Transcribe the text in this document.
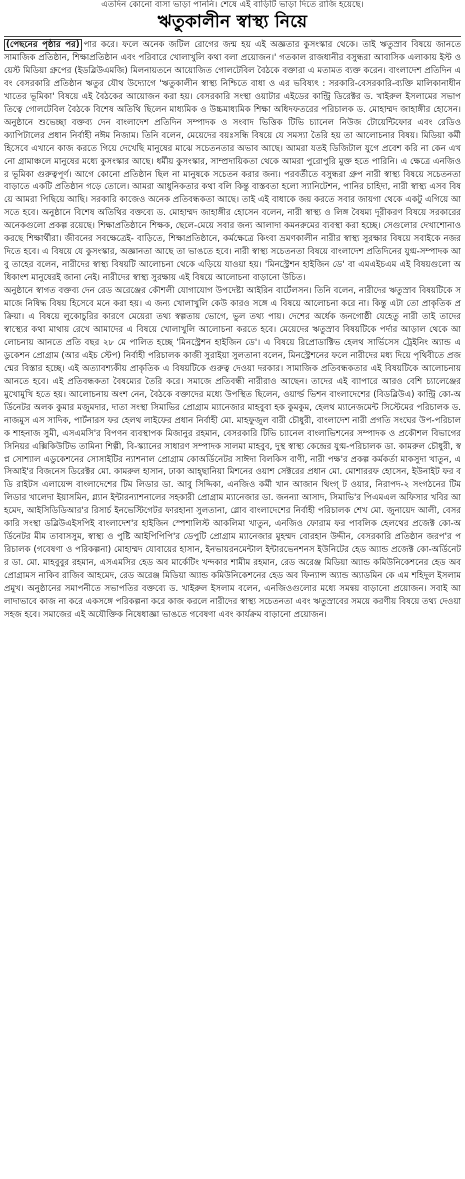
এতদিন কোনো বাসা ভাড়া পাননি। শেষে এই বাড়িটি ভাড়া দিতে রাজি হয়েছে।
ঋতুকালীন স্বাস্থ্য নিয়ে

(পেছনের পৃষ্ঠার পর) পার করে। ফলে অনেক জটিল রোগের জন্ম হয় এই অজ্ঞতার কুসংস্কার থেকে। তাই ঋতুস্রাব বিষয়ে জানতে সামাজিক প্রতিষ্ঠান, শিক্ষাপ্রতিষ্ঠান এবং পরিবারে খোলাখুলি কথা বলা প্রয়োজন।' গতকাল রাজধানীর বসুন্ধরা আবাসিক এলাকায় ইস্ট ওয়েস্ট মিডিয়া গ্রুপের (ইডব্লিউএমজি) মিলনায়তনে আয়োজিত গোলটেবিল বৈঠকে বক্তারা এ মতামত ব্যক্ত করেন। বাংলাদেশ প্রতিদিন এবং বেসরকারি প্রতিষ্ঠান ঋতুর যৌথ উদ্যোগে 'ঋতুকালীন স্বাস্থ্য নিশ্চিতে বাধা ও এর ভবিষ্যৎ : সরকারি-বেসরকারি-ব্যক্তি মালিকানাধীন খাতের ভূমিকা' বিষয়ে এই বৈঠকের আয়োজন করা হয়। বেসরকারি সংস্থা ওয়াটার এইডের কান্ট্রি ডিরেক্টর ড. খাইরুল ইসলামের সভাপতিত্বে গোলটেবিল বৈঠকে বিশেষ অতিথি ছিলেন মাধ্যমিক ও উচ্চমাধ্যমিক শিক্ষা অধিদফতরের পরিচালক ড. মোহাম্মদ জাহাঙ্গীর হোসেন। অনুষ্ঠানে শুভেচ্ছা বক্তব্য দেন বাংলাদেশ প্রতিদিন সম্পাদক ও সংবাদ ভিত্তিক টিভি চ্যানেল নিউজ টোয়েন্টিফোর এবং রেডিও ক্যাপিটালের প্রধান নির্বাহী নঈম নিজাম। তিনি বলেন, মেয়েদের বয়ঃসন্ধি বিষয়ে যে সমস্যা তৈরি হয় তা আলোচনার বিষয়। মিডিয়া কর্মী হিসেবে এখানে কাজ করতে গিয়ে দেখেছি মানুষের মাঝে সচেতনতার অভাব আছে। আমরা যতই ডিজিটাল যুগে প্রবেশ করি না কেন এখনো গ্রামাঞ্চলে মানুষের মধ্যে কুসংস্কার আছে। ধর্মীয় কুসংস্কার, সাম্প্রদায়িকতা থেকে আমরা পুরোপুরি মুক্ত হতে পারিনি। এ ক্ষেত্রে এনজিওর ভূমিকা গুরুত্বপূর্ণ। আগে কোনো প্রতিষ্ঠান ছিল না মানুষকে সচেতন করার জন্য। পরবর্তীতে বসুন্ধরা গ্রুপ নারী স্বাস্থ্য বিষয়ে সচেতনতা বাড়াতে একটি প্রতিষ্ঠান গড়ে তোলে। আমরা আধুনিকতার কথা বলি কিন্তু বাস্তবতা হলো স্যানিটেশন, পানির চাহিদা, নারী স্বাস্থ্য এসব বিষয়ে আমরা পিছিয়ে আছি। সরকারি কাজেও অনেক প্রতিবন্ধকতা আছে। তাই এই বাধাকে জয় করতে সবার জায়গা থেকে একটু এগিয়ে আসতে হবে। অনুষ্ঠানে বিশেষ অতিথির বক্তব্যে ড. মোহাম্মদ জাহাঙ্গীর হোসেন বলেন, নারী স্বাস্থ্য ও লিঙ্গ বৈষম্য দূরীকরণ বিষয়ে সরকারের অনেকগুলো প্রকল্প রয়েছে। শিক্ষাপ্রতিষ্ঠানে শিক্ষক, ছেলে-মেয়ে সবার জন্য আলাদা কমনরুমের ব্যবস্থা করা হচ্ছে। সেগুলোর দেখাশোনাও করছে শিক্ষার্থীরা। জীবনের সবক্ষেত্রেই- বাড়িতে, শিক্ষাপ্রতিষ্ঠানে, কর্মক্ষেত্রে কিংবা ভ্রমণকালীন নারীর স্বাস্থ্য সুরক্ষার বিষয়ে সবাইকে নজর দিতে হবে। এ বিষয়ে যে কুসংস্কার, অজ্ঞানতা আছে তা ভাঙতে হবে। নারী স্বাস্থ্য সচেতনতা বিষয়ে বাংলাদেশ প্রতিদিনের যুগ্ম-সম্পাদক আবু তাহের বলেন, নারীদের স্বাস্থ্য বিষয়টি আলোচনা থেকে এড়িয়ে যাওয়া হয়। 'মিনস্ট্রেশন হাইজিন ডে' বা এমএইচএম এই বিষয়গুলো অধিকাংশ মানুষেরই জানা নেই। নারীদের স্বাস্থ্য সুরক্ষায় এই বিষয়ে আলোচনা বাড়ানো উচিত।

অনুষ্ঠানে স্বাগত বক্তব্য দেন রেড অরেঞ্জের কৌশলী যোগাযোগ উপদেষ্টা আইরিন বার্টেলসন। তিনি বলেন, নারীদের ঋতুস্রাব বিষয়টিকে সমাজে নিষিদ্ধ বিষয় হিসেবে মনে করা হয়। এ জন্য খোলাখুলি কেউ কারও সঙ্গে এ বিষয়ে আলোচনা করে না। কিন্তু এটা তো প্রাকৃতিক প্রক্রিয়া। এ বিষয়ে লুকোচুরির কারণে মেয়েরা তথ্য স্বল্পতায় ভোগে, ভুল তথ্য পায়। দেশের অর্ধেক জনগোষ্ঠী যেহেতু নারী তাই তাদের স্বাস্থ্যের কথা মাথায় রেখে আমাদের এ বিষয়ে খোলাখুলি আলোচনা করতে হবে। মেয়েদের ঋতুস্রাব বিষয়টিকে পর্দার আড়াল থেকে আলোচনায় আনতে প্রতি বছর ২৮ মে পালিত হচ্ছে 'মিনস্ট্রেশন হাইজিন ডে'। এ বিষয়ে রিপ্রোডাক্টিভ হেলথ সার্ভিসেস ট্রেইনিং অ্যান্ড এডুকেশন প্রোগ্রাম (আর এইচ স্টেপ) নির্বাহী পরিচালক কাজী সুরাইয়া সুলতানা বলেন, মিনস্ট্রেশনের ফলে নারীদের মধ্য দিয়ে পৃথিবীতে প্রজন্মের বিস্তার হচ্ছে। এই অত্যাবশ্যকীয় প্রাকৃতিক এ বিষয়টিকে গুরুত্ব দেওয়া দরকার। সামাজিক প্রতিবন্ধকতার এই বিষয়টিকে আলোচনায় আনতে হবে। এই প্রতিবন্ধকতা বৈষম্যের তৈরি করে। সমাজে প্রতিবন্ধী নারীরাও আছেন। তাদের এই ব্যাপারে আরও বেশি চ্যালেঞ্জের মুখোমুখি হতে হয়। আলোচনায় অংশ নেন, বৈঠকে বক্তাদের মধ্যে উপস্থিত ছিলেন, ওয়ার্ল্ড ভিশন বাংলাদেশের (বিডব্লিউএ) কান্ট্রি কো-অর্ডিনেটর অলক কুমার মজুমদার, দাতা সংস্থা সিমাভির প্রোগ্রাম ম্যানেজার মাহবুবা হক কুমকুম, হেলথ ম্যানেজমেন্ট সিস্টেমের পরিচালক ড. নাজমুস এস সাদিক, পার্টনারস ফর হেলথ লাইফের প্রধান নির্বাহী মো. মাহফুজুল বারী চৌধুরী, বাংলাদেশ নারী প্রগতি সংঘের উপ-পরিচালক শাহনাজ সুমী, এসএমসি'র বিপণন ব্যবস্থাপক মিজানুর রহমান, বেসরকারি টিভি চ্যানেল বাংলাভিশনের সম্পাদক ও প্রকৌশল বিভাগের সিনিয়র এক্সিকিউটিভ তামিনা শিল্পী, বি-স্ক্যানের সাধারণ সম্পাদক সালমা মাহবুব, দুস্থ স্বাস্থ্য কেন্দ্রের যুগ্ম-পরিচালক ডা. কামরুল চৌধুরী, স্বপ্ন সোশ্যাল এডুকেশনের সোসাইটির ন্যাশনাল প্রোগ্রাম কোঅর্ডিনেটর সাঈদা বিলকিস বাণী, নারী পক্ষ'র প্রকল্প কর্মকর্তা মাকসুদা খাতুন, এসিআই'র বিজনেস ডিরেক্টর মো. কামরুল হাসান, ঢাকা আহ্ছানিয়া মিশনের ওয়াশ সেক্টরের প্রধান মো. মোশাররফ হোসেন, ইউনাইট ফর বডি রাইটস এলায়েন্স বাংলাদেশের টিম লিডার ডা. আবু সিদ্দিকা, এনজিও কর্মী খান আজান থিংগ্ ট ওয়ার, নিরাপদ-২ সংগঠনের টিম লিডার খালেদা ইয়াসমিন, গ্ল্যান ইন্টারন্যাশনালের সহকারী প্রোগ্রাম ম্যানেজার ডা. জনন্যা আসাদ, সিমাভি'র পিএমএল অফিসার খবির আহমেদ, আইসিডিডিআর'র রিসার্চ ইনভেস্টিগেটর ফারহানা সুলতানা, গ্লোব বাংলাদেশের নির্বাহী পরিচালক শেখ মো. জুনায়েদ আলী, বেসরকারি সংস্থা ডব্লিউএইসপিই বাংলাদেশ'র হাইজিন স্পেশালিস্ট আকলিমা খাতুন, এনজিও ফোরাম ফর পাবলিক হেলথের প্রজেক্ট কো-অর্ডিনেটর মীম তাবাসসুম, স্বাস্থ্য ও পুষ্টি আইপিপিপি'র ডেপুটি প্রোগ্রাম ম্যানেজার মুহম্মদ বোরহান উদ্দীন, বেসরকারি প্রতিষ্ঠান জরপ'র পরিচালক (গবেষণা ও পরিকল্পনা) মোহাম্মদ যোবায়ের হাসান, ইনভায়রনমেন্টাল ইন্টারভেনশনস ইউনিটের হেড অ্যান্ড প্রজেক্ট কো-অর্ডিনেটর ডা. মো. মাহবুবুর রহমান, এসএমসির হেড অব মার্কেটিং খন্দকার শামীম রহমান, রেড অরেঞ্জ মিডিয়া অ্যান্ড কমিউনিকেশনের হেড অব প্রোগ্রামস নাকিব রাজিব আহমেদ, রেড অরেঞ্জ মিডিয়া অ্যান্ড কমিউনিকেশনের হেড অব ফিন্যান্স অ্যান্ড অ্যাডমিন কে এম শহিদুল ইসলাম প্রমুখ। অনুষ্ঠানের সমাপনীতে সভাপতির বক্তব্যে ড. খাইরুল ইসলাম বলেন, এনজিওগুলোর মধ্যে সমন্বয় বাড়ানো প্রয়োজন। সবাই আলাদাভাবে কাজ না করে একসঙ্গে পরিকল্পনা করে কাজ করলে নারীদের স্বাস্থ্য সচেতনতা এবং ঋতুস্রাবের সময়ে করণীয় বিষয়ে তথ্য দেওয়া সহজ হবে। সমাজের এই অযৌক্তিক নিষেধাজ্ঞা ভাঙতে গবেষণা এবং কার্যক্রম বাড়ানো প্রয়োজন।
